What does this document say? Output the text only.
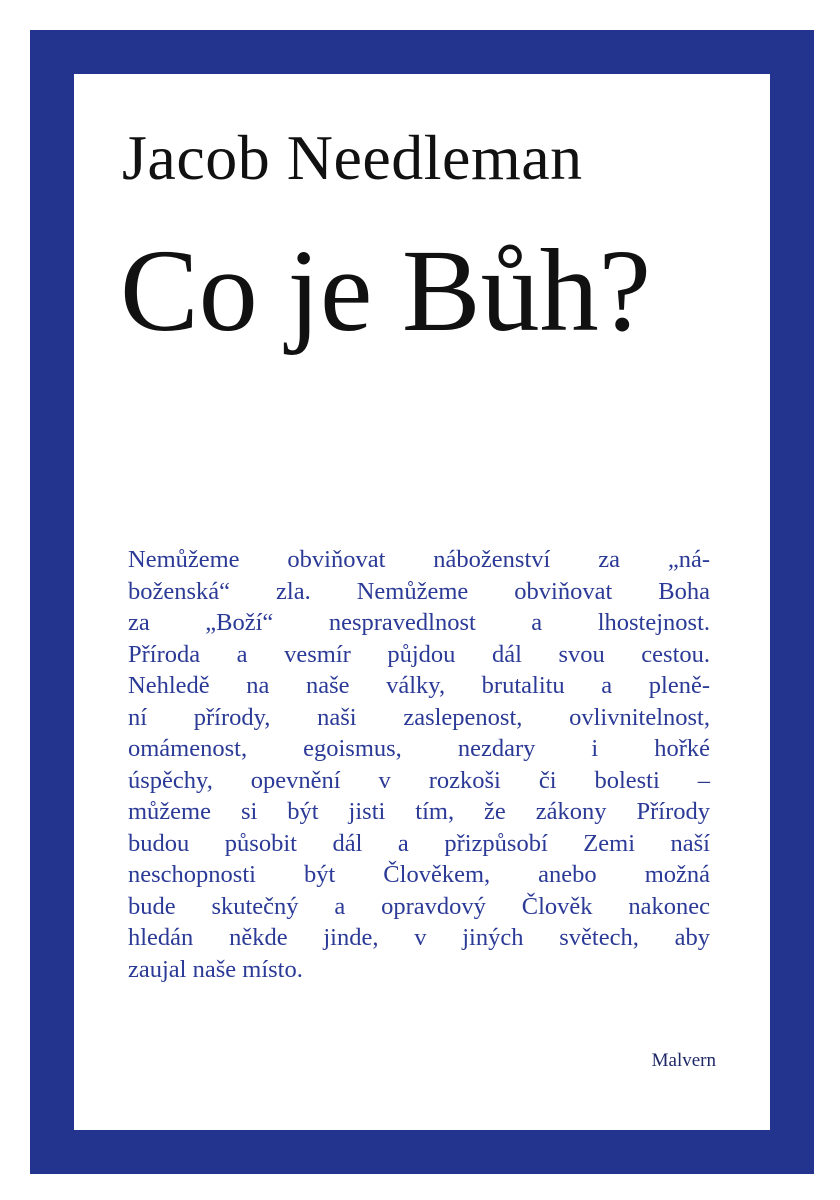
Jacob Needleman
Co je Bůh?

Nemůžeme obviňovat náboženství za „ná-
boženská“ zla. Nemůžeme obviňovat Boha
za „Boží“ nespravedlnost a lhostejnost.
Příroda a vesmír půjdou dál svou cestou.
Nehledě na naše války, brutalitu a pleně-
ní přírody, naši zaslepenost, ovlivnitelnost,
omámenost, egoismus, nezdary i hořké
úspěchy, opevnění v rozkoši či bolesti –
můžeme si být jisti tím, že zákony Přírody
budou působit dál a přizpůsobí Zemi naší
neschopnosti být Člověkem, anebo možná
bude skutečný a opravdový Člověk nakonec
hledán někde jinde, v jiných světech, aby
zaujal naše místo.

Malvern
